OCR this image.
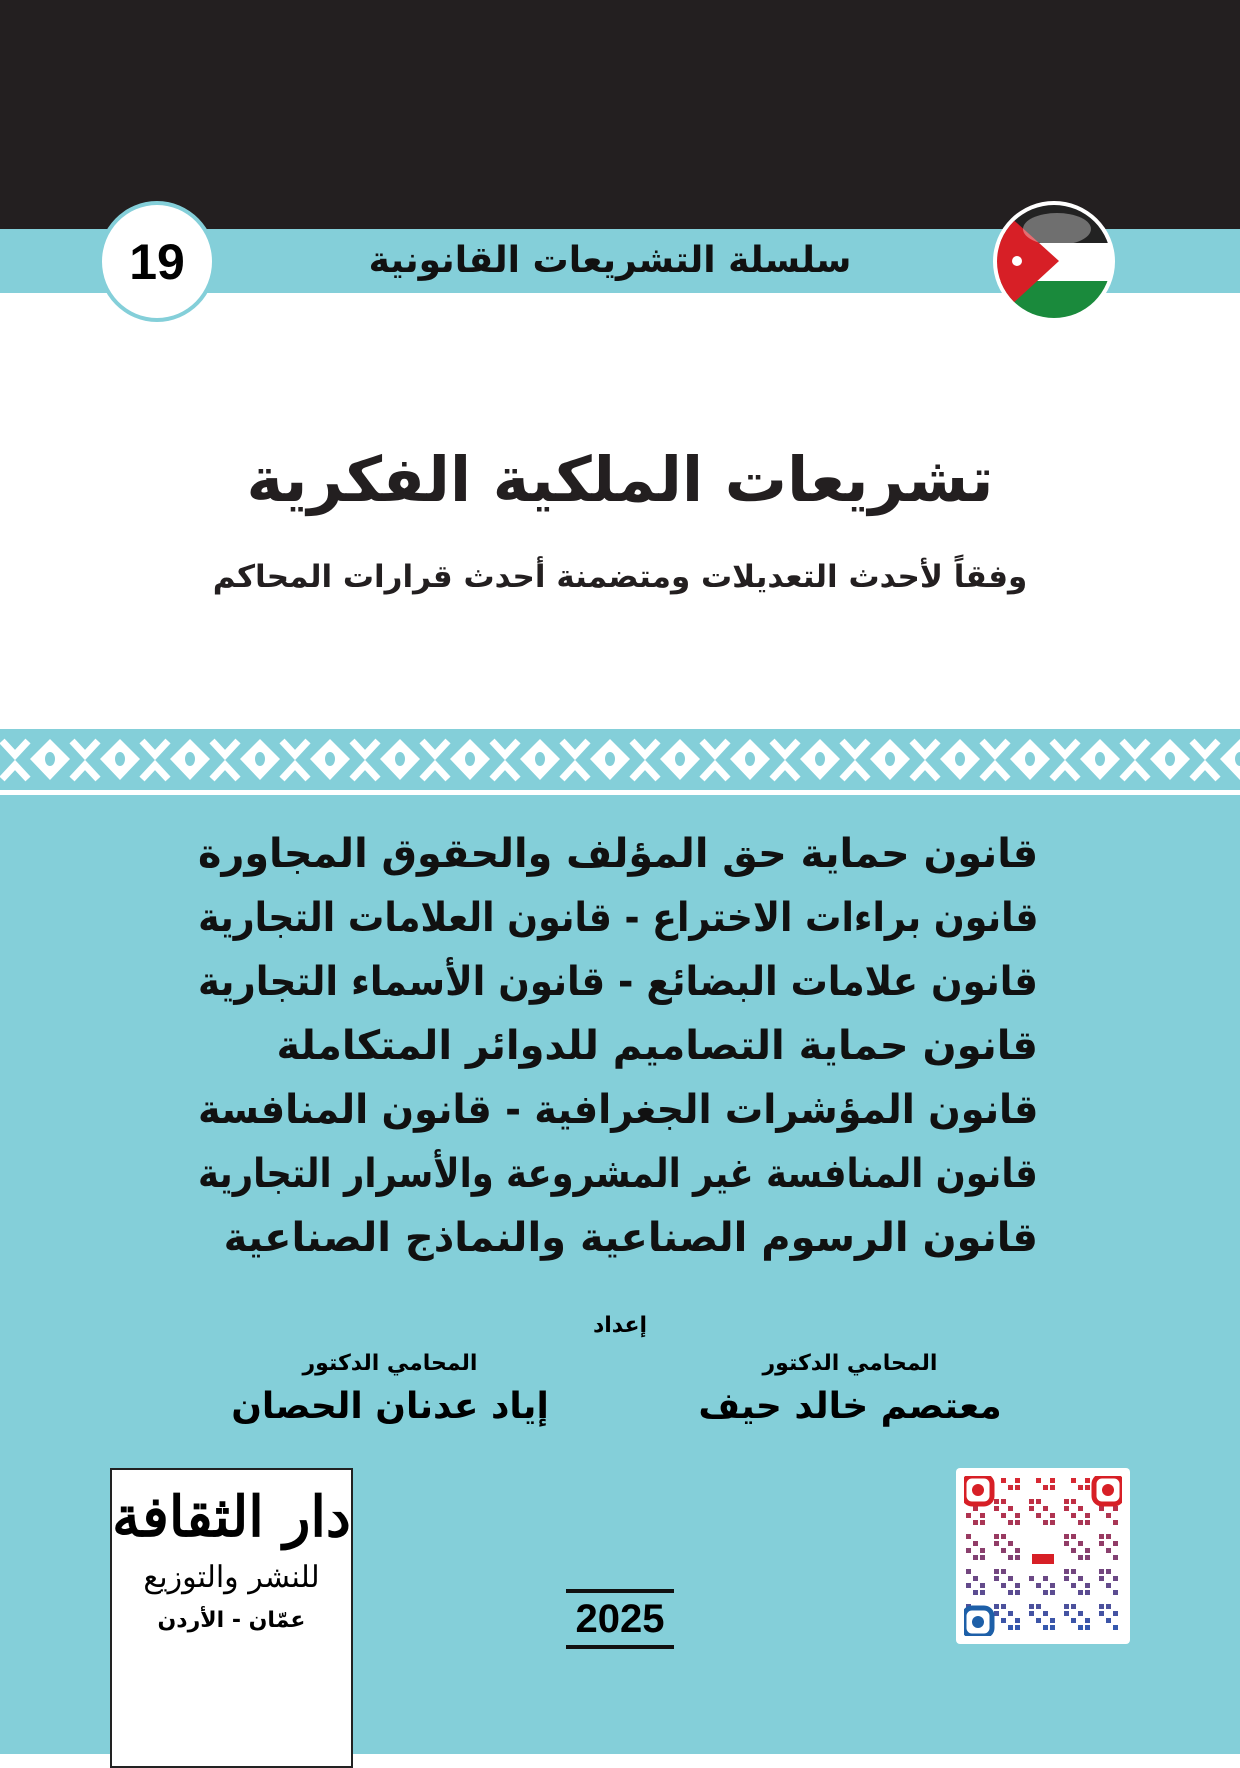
سلسلة التشريعات القانونية
19
تشريعات الملكية الفكرية
وفقاً لأحدث التعديلات ومتضمنة أحدث قرارات المحاكم
قانون حماية حق المؤلف والحقوق المجاورة
قانون براءات الاختراع - قانون العلامات التجارية
قانون علامات البضائع - قانون الأسماء التجارية
قانون حماية التصاميم للدوائر المتكاملة
قانون المؤشرات الجغرافية - قانون المنافسة
قانون المنافسة غير المشروعة والأسرار التجارية
قانون الرسوم الصناعية والنماذج الصناعية
إعداد
المحامي الدكتور
معتصم خالد حيف
المحامي الدكتور
إياد عدنان الحصان
دار الثقافة
للنشر والتوزيع
عمّان - الأردن	2025
